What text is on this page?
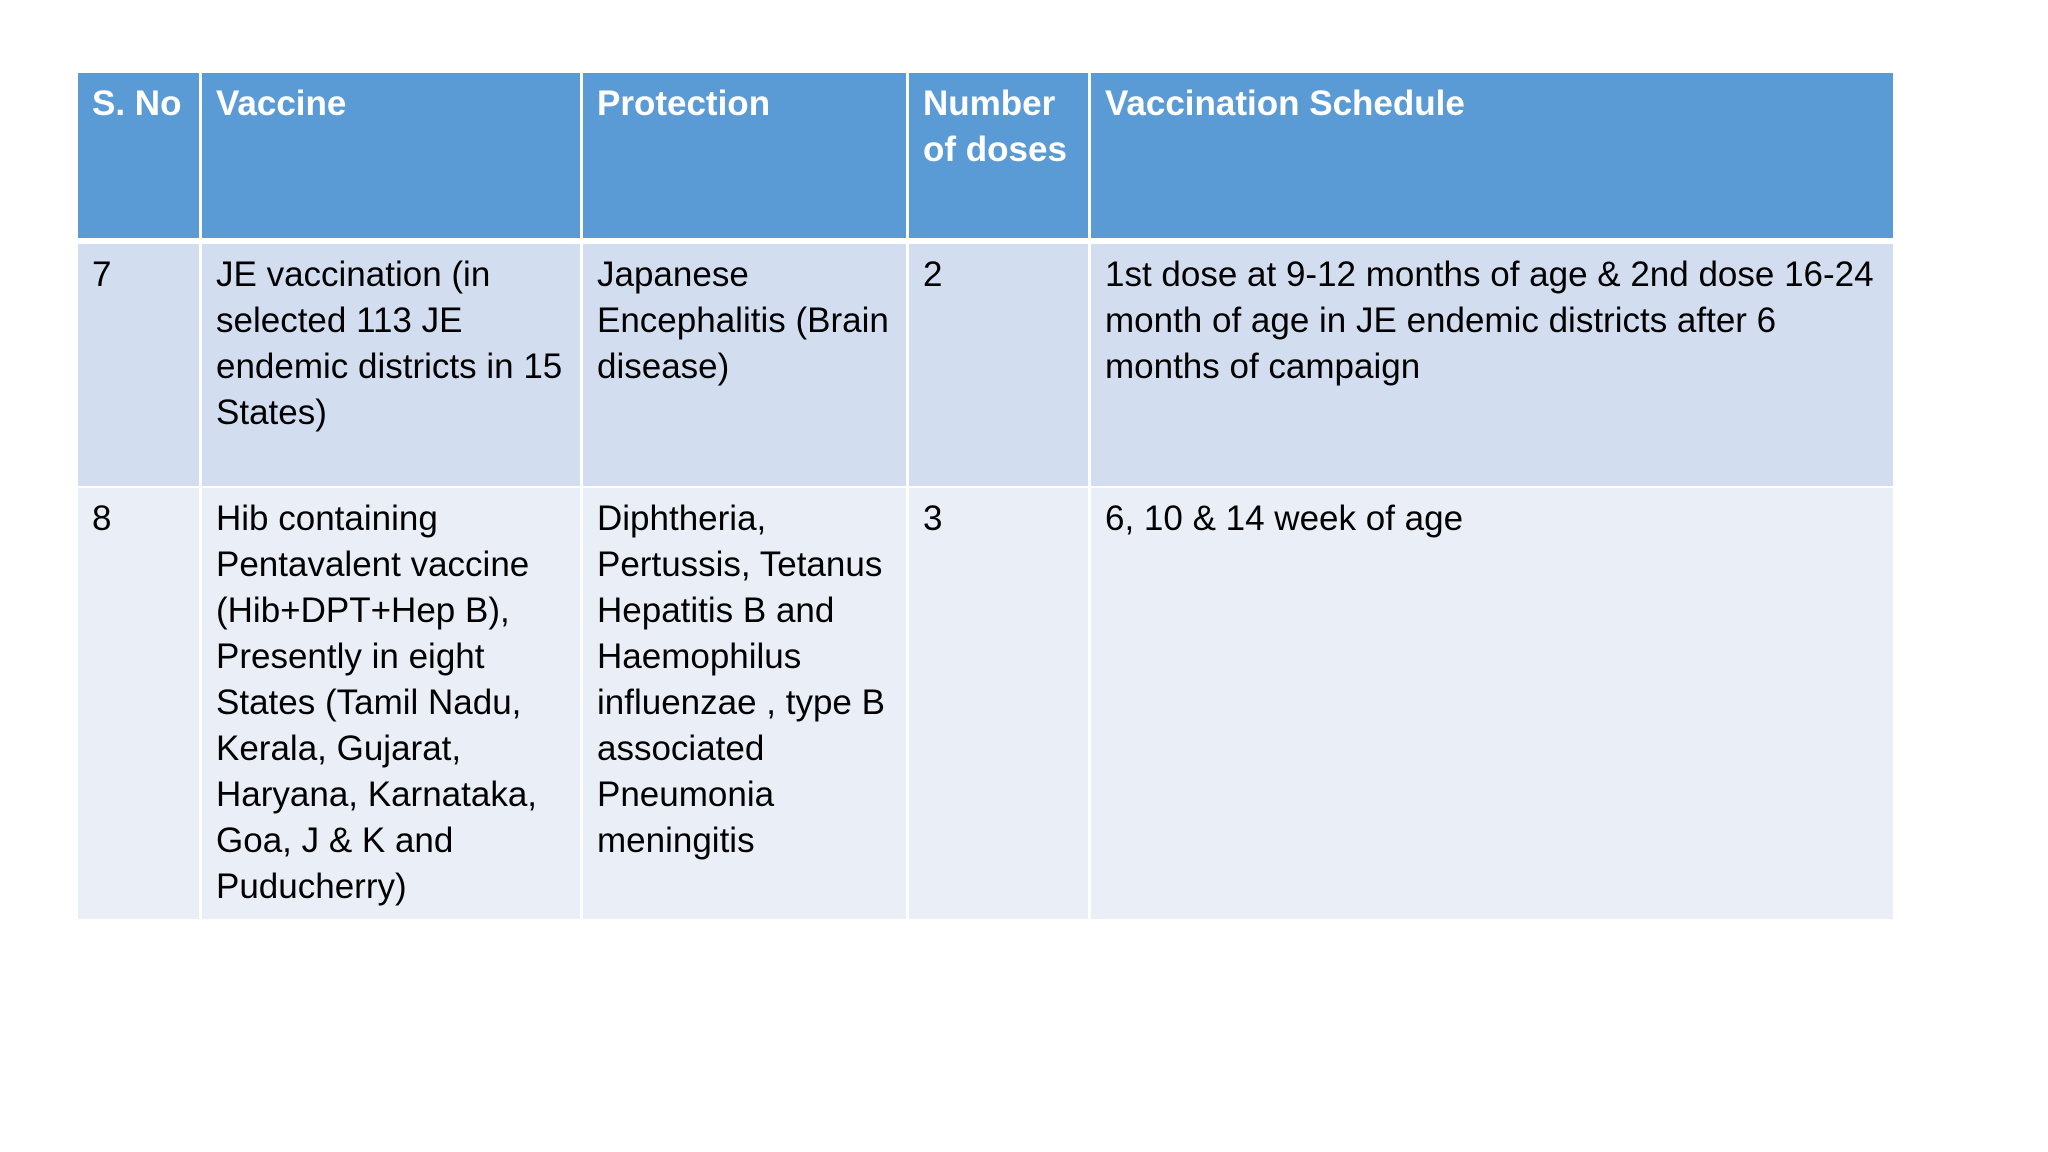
S. No	Vaccine	Protection	Number of doses	Vaccination Schedule
7	JE vaccination (in selected 113 JE endemic districts in 15 States)	Japanese Encephalitis (Brain disease)	2	1st dose at 9-12 months of age & 2nd dose 16-24 month of age in JE endemic districts after 6 months of campaign
8	Hib containing Pentavalent vaccine (Hib+DPT+Hep B), Presently in eight States (Tamil Nadu, Kerala, Gujarat, Haryana, Karnataka, Goa, J & K and Puducherry)	Diphtheria, Pertussis, Tetanus Hepatitis B and Haemophilus influenzae , type B associated Pneumonia meningitis	3	6, 10 & 14 week of age
